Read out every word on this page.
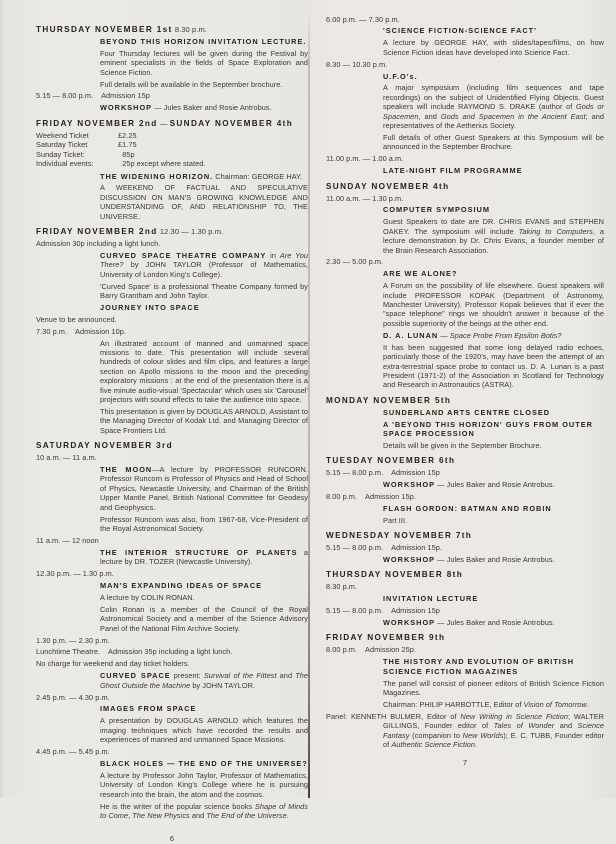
THURSDAY NOVEMBER 1st 8.30 p.m.
BEYOND THIS HORIZON INVITATION LECTURE.
Four Thursday lectures will be given during the Festival by eminent specialists in the fields of Space Exploration and Science Fiction.
Full details will be available in the September brochure.
5.15 — 8.00 p.m.    Admission 15p
WORKSHOP — Jules Baker and Rosie Antrobus.
FRIDAY NOVEMBER 2nd — SUNDAY NOVEMBER 4th
Weekend Ticket	£2.25
Saturday Ticket	£1.75
Sunday Ticket:	85p
Individual events:	25p except where stated.
THE WIDENING HORIZON. Chairman: GEORGE HAY.
A WEEKEND OF FACTUAL AND SPECULATIVE DISCUSSION ON MAN'S GROWING KNOWLEDGE AND UNDERSTANDING OF, AND RELATIONSHIP TO, THE UNIVERSE.
FRIDAY NOVEMBER 2nd 12.30 — 1.30 p.m.
Admission 30p including a light lunch.
CURVED SPACE THEATRE COMPANY in Are You There? by JOHN TAYLOR (Professor of Mathematics, University of London King's College).
'Curved Space' is a professional Theatre Company formed by Barry Grantham and John Taylor.
JOURNEY INTO SPACE
Venue to be announced.
7.30 p.m.    Admission 10p.
An illustrated account of manned and unmanned space missions to date. This presentation will include several hundreds of colour slides and film clips, and features a large section on Apollo missions to the moon and the preceding exploratory missions : at the end of the presentation there is a five minute audio-visual 'Spectacular' which uses six 'Carousel' projectors with sound effects to take the audience into space.
This presentation is given by DOUGLAS ARNOLD, Assistant to the Managing Director of Kodak Ltd. and Managing Director of Space Frontiers Ltd.
SATURDAY NOVEMBER 3rd
10 a.m. — 11 a.m.
THE MOON—A lecture by PROFESSOR RUNCORN. Professor Runcorn is Professor of Physics and Head of School of Physics, Newcastle University, and Chairman of the British Upper Mantle Panel, British National Committee for Geodesy and Geophysics.
Professor Runcorn was also, from 1967-68, Vice-President of the Royal Astronomical Society.
11 a.m. — 12 noon
THE INTERIOR STRUCTURE OF PLANETS a lecture by DR. TOZER (Newcastle University).
12.30 p.m. — 1.30 p.m.
MAN'S EXPANDING IDEAS OF SPACE
A lecture by COLIN RONAN.
Colin Ronan is a member of the Council of the Royal Astronomical Society and a member of the Science Advisory Panel of the National Film Archive Society.
1.30 p.m. — 2.30 p.m.
Lunchtime Theatre.    Admission 35p including a light lunch.
No charge for weekend and day ticket holders.
CURVED SPACE present: Survival of the Fittest and The Ghost Outside the Machine by JOHN TAYLOR.
2.45 p.m. — 4.30 p.m.
IMAGES FROM SPACE
A presentation by DOUGLAS ARNOLD which features the imaging techniques which have recorded the results and experiences of manned and unmanned Space Missions.
4.45 p.m. — 5.45 p.m.
BLACK HOLES — THE END OF THE UNIVERSE?
A lecture by Professor John Taylor, Professor of Mathematics, University of London King's College where he is pursuing research into the brain, the atom and the cosmos.
He is the writer of the popular science books Shape of Minds to Come, The New Physics and The End of the Universe.
6
6.00 p.m. — 7.30 p.m.
'SCIENCE FICTION-SCIENCE FACT'
A lecture by GEORGE HAY, with slides/tapes/films, on how Science Fiction ideas have developed into Science Fact.
8.30 — 10.30 p.m.
U.F.O's.
A major symposium (including film sequences and tape recordings) on the subject of Unidentified Flying Objects. Guest speakers will include RAYMOND S. DRAKE (author of Gods or Spacemen, and Gods and Spacemen in the Ancient East; and representatives of the Aetherius Society.
Full details of other Guest Speakers at this Symposium will be announced in the September Brochure.
11.00 p.m. — 1.00 a.m.
LATE-NIGHT FILM PROGRAMME
SUNDAY NOVEMBER 4th
11.00 a.m. — 1.30 p.m.
COMPUTER SYMPOSIUM
Guest Speakers to date are DR. CHRIS EVANS and STEPHEN OAKEY. The symposium will include Taking to Computers, a lecture demonstration by Dr. Chris Evans, a founder member of the Brain Research Association.
2.30 — 5.00 p.m.
ARE WE ALONE?
A Forum on the possibility of life elsewhere. Guest speakers will include PROFESSOR KOPAK (Department of Astronomy, Manchester University). Professor Kopak believes that if ever the "space telephone" rings we shouldn't answer it because of the possible superiority of the beings at the other end.
D. A. LUNAN — Space Probe From Epsilon Botis?
It has been suggested that some long delayed radio echoes, particularly those of the 1920's, may have been the attempt of an extra-terrestrial space probe to contact us. D. A. Lunan is a past President (1971-2) of the Association in Scotland for Technology and Research in Astronautics (ASTRA).
MONDAY NOVEMBER 5th
SUNDERLAND ARTS CENTRE CLOSED
A 'BEYOND THIS HORIZON' GUYS FROM OUTER SPACE PROCESSION
Details will be given in the September Brochure.
TUESDAY NOVEMBER 6th
5.15 — 8.00 p.m.    Admission 15p
WORKSHOP — Jules Baker and Rosie Antrobus.
8.00 p.m.    Admission 15p.
FLASH GORDON: BATMAN AND ROBIN
Part III.
WEDNESDAY NOVEMBER 7th
5.15 — 8.00 p.m.    Admission 15p.
WORKSHOP — Jules Baker and Rosie Antrobus.
THURSDAY NOVEMBER 8th
8.30 p.m.
INVITATION LECTURE
5.15 — 8.00 p.m.    Admission 15p
WORKSHOP — Jules Baker and Rosie Antrobus.
FRIDAY NOVEMBER 9th
8.00 p.m.    Admission 25p.
THE HISTORY AND EVOLUTION OF BRITISH SCIENCE FICTION MAGAZINES
The panel will consist of pioneer editors of British Science Fiction Magazines.
Chairman: PHILIP HARBOTTLE, Editor of Vision of Tomorrow.
Panel: KENNETH BULMER, Editor of New Writing in Science Fiction; WALTER GILLINGS, Founder editor of Tales of Wonder and Science Fantasy (companion to New Worlds); E. C. TUBB, Founder editor of Authentic Science Fiction.
7
